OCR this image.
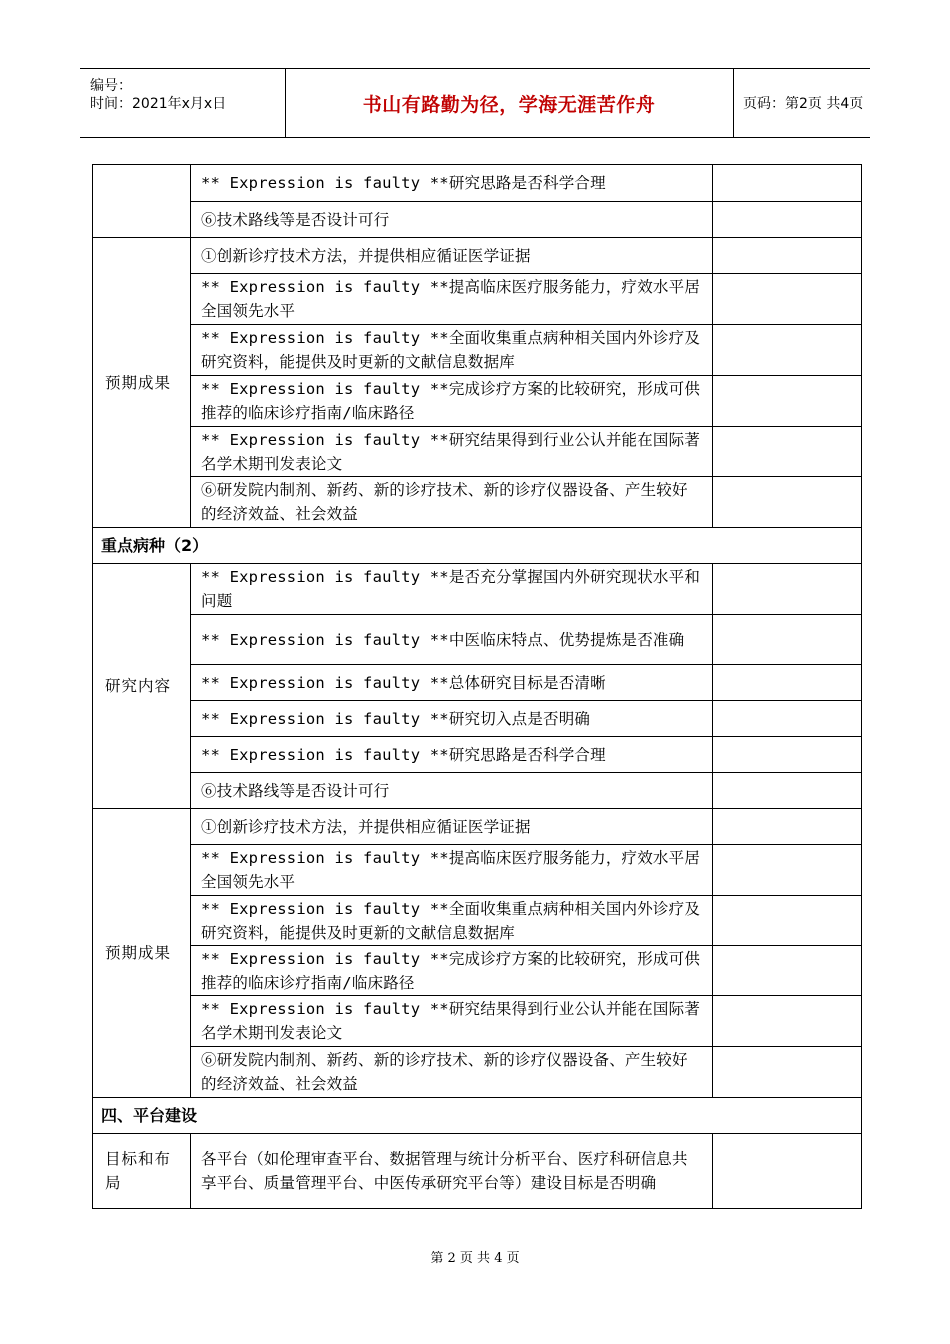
编号：
时间：2021年x月x日	书山有路勤为径，学海无涯苦作舟	页码：第2页 共4页
	** Expression is faulty **研究思路是否科学合理	
	⑥技术路线等是否设计可行	
预期成果	①创新诊疗技术方法，并提供相应循证医学证据	
	** Expression is faulty **提高临床医疗服务能力，疗效水平居全国领先水平	
	** Expression is faulty **全面收集重点病种相关国内外诊疗及研究资料，能提供及时更新的文献信息数据库	
	** Expression is faulty **完成诊疗方案的比较研究，形成可供推荐的临床诊疗指南/临床路径	
	** Expression is faulty **研究结果得到行业公认并能在国际著名学术期刊发表论文	
	⑥研发院内制剂、新药、新的诊疗技术、新的诊疗仪器设备、产生较好的经济效益、社会效益	
重点病种（2）		
研究内容	** Expression is faulty **是否充分掌握国内外研究现状水平和问题	
	** Expression is faulty **中医临床特点、优势提炼是否准确	
	** Expression is faulty **总体研究目标是否清晰	
	** Expression is faulty **研究切入点是否明确	
	** Expression is faulty **研究思路是否科学合理	
	⑥技术路线等是否设计可行	
预期成果	①创新诊疗技术方法，并提供相应循证医学证据	
	** Expression is faulty **提高临床医疗服务能力，疗效水平居全国领先水平	
	** Expression is faulty **全面收集重点病种相关国内外诊疗及研究资料，能提供及时更新的文献信息数据库	
	** Expression is faulty **完成诊疗方案的比较研究，形成可供推荐的临床诊疗指南/临床路径	
	** Expression is faulty **研究结果得到行业公认并能在国际著名学术期刊发表论文	
	⑥研发院内制剂、新药、新的诊疗技术、新的诊疗仪器设备、产生较好的经济效益、社会效益	
四、平台建设		
目标和布局	各平台（如伦理审查平台、数据管理与统计分析平台、医疗科研信息共享平台、质量管理平台、中医传承研究平台等）建设目标是否明确	
第 2 页 共 4 页
